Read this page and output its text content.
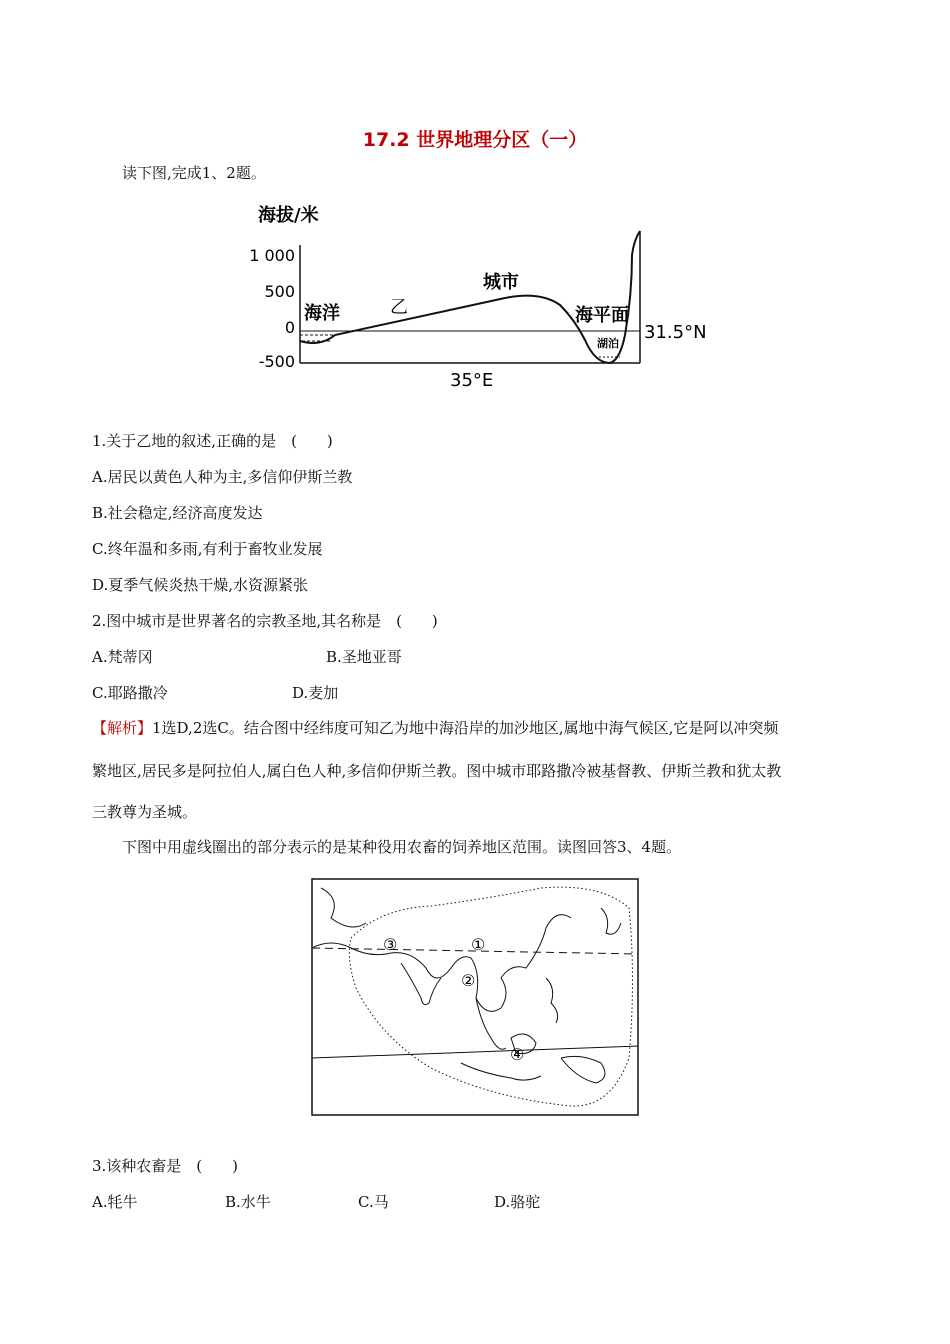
17.2 世界地理分区（一）
读下图,完成1、2题。
海拔/米
1 000
500
0
-500
海洋	乙
城市
海平面
湖泊
31.5°N
35°E
1.关于乙地的叙述,正确的是　(　　)
A.居民以黄色人种为主,多信仰伊斯兰教
B.社会稳定,经济高度发达
C.终年温和多雨,有利于畜牧业发展
D.夏季气候炎热干燥,水资源紧张
2.图中城市是世界著名的宗教圣地,其名称是　(　　)
A.梵蒂冈	B.圣地亚哥
C.耶路撒冷	D.麦加
【解析】1选D,2选C。结合图中经纬度可知乙为地中海沿岸的加沙地区,属地中海气候区,它是阿以冲突频
繁地区,居民多是阿拉伯人,属白色人种,多信仰伊斯兰教。图中城市耶路撒冷被基督教、伊斯兰教和犹太教
三教尊为圣城。
下图中用虚线圈出的部分表示的是某种役用农畜的饲养地区范围。读图回答3、4题。
③	①
②
④
3.该种农畜是　(　　)
A.牦牛	B.水牛	C.马	D.骆驼
